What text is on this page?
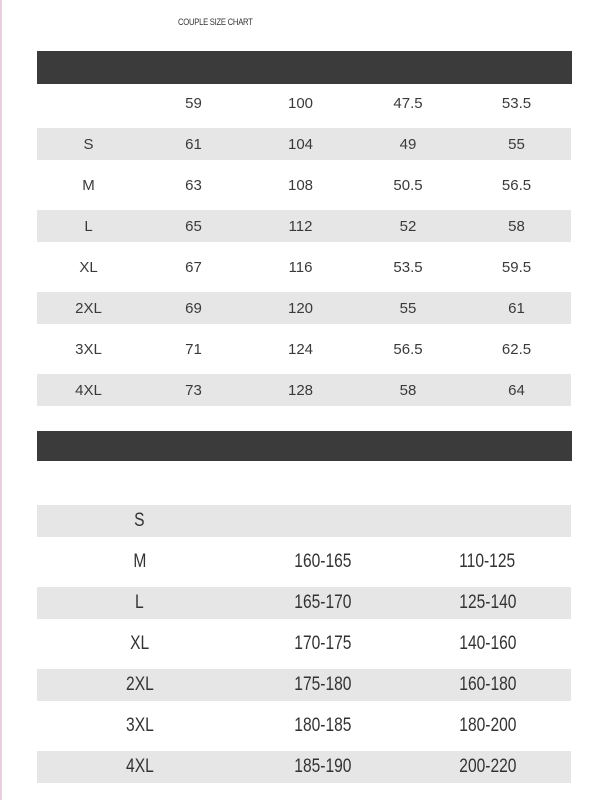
COUPLE SIZE CHART
	59	100	47.5	53.5
S	61	104	49	55
M	63	108	50.5	56.5
L	65	112	52	58
XL	67	116	53.5	59.5
2XL	69	120	55	61
3XL	71	124	56.5	62.5
4XL	73	128	58	64
S		
M	160-165	110-125
L	165-170	125-140
XL	170-175	140-160
2XL	175-180	160-180
3XL	180-185	180-200
4XL	185-190	200-220
